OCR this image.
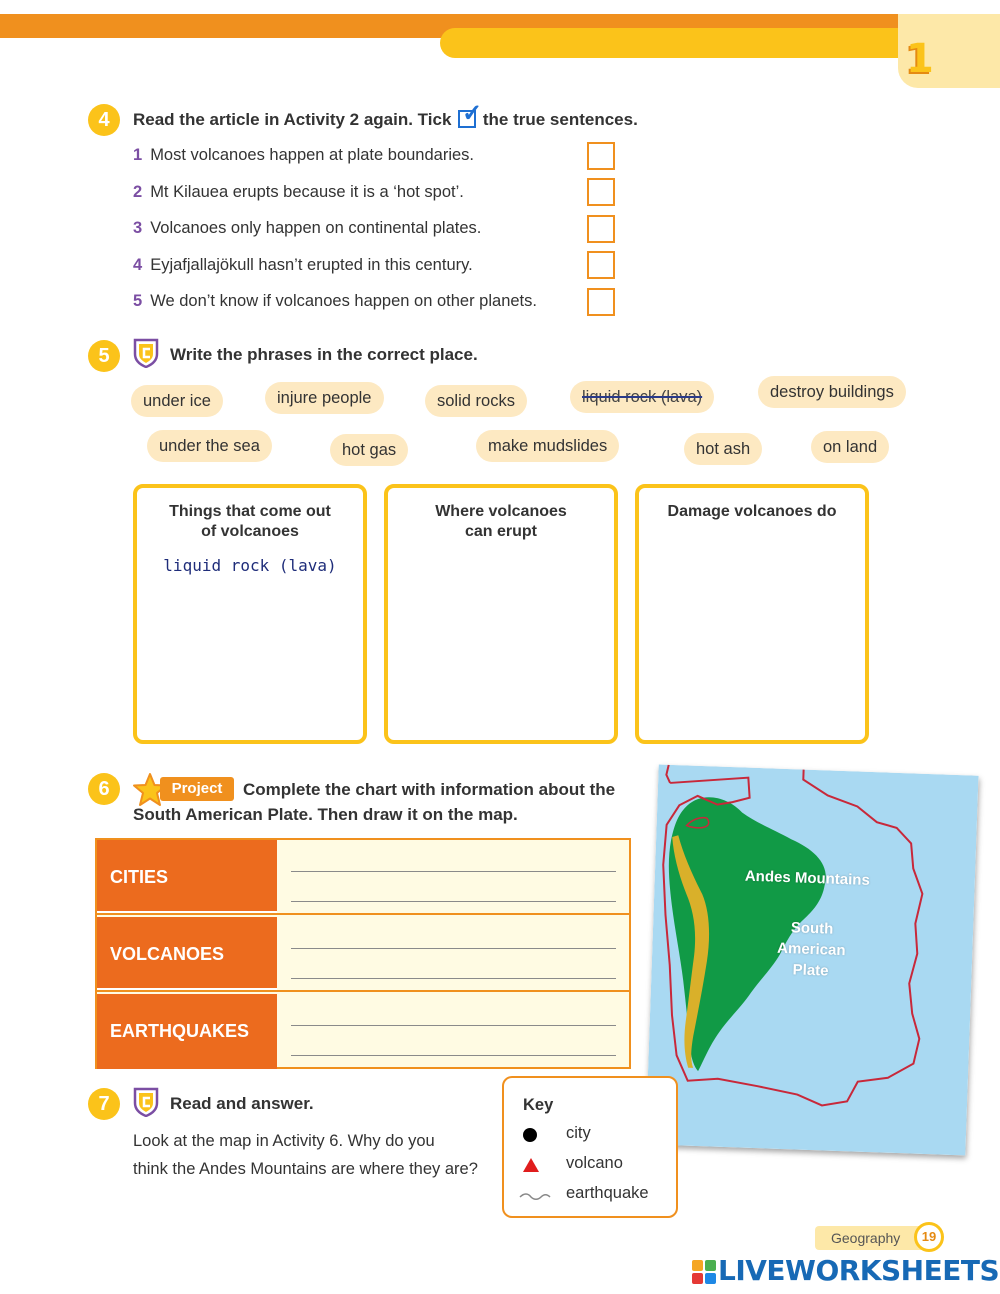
1
4	Read the article in Activity 2 again. Tick ✓ the true sentences.
1 Most volcanoes happen at plate boundaries.
2 Mt Kilauea erupts because it is a ‘hot spot’.
3 Volcanoes only happen on continental plates.
4 Eyjafjallajökull hasn’t erupted in this century.
5 We don’t know if volcanoes happen on other planets.
5	Write the phrases in the correct place.
under ice	injure people	solid rocks	liquid rock (lava)	destroy buildings
under the sea	hot gas	make mudslides	hot ash	on land
Things that come out
of volcanoes
liquid rock (lava)
Where volcanoes
can erupt
Damage volcanoes do
6	Project	Complete the chart with information about the
South American Plate. Then draw it on the map.
CITIES
VOLCANOES
EARTHQUAKES
Andes Mountains
South
American
Plate
7	Read and answer.
Look at the map in Activity 6. Why do you
think the Andes Mountains are where they are?
Key
city
volcano
earthquake
Geography	19
LIVEWORKSHEETS
